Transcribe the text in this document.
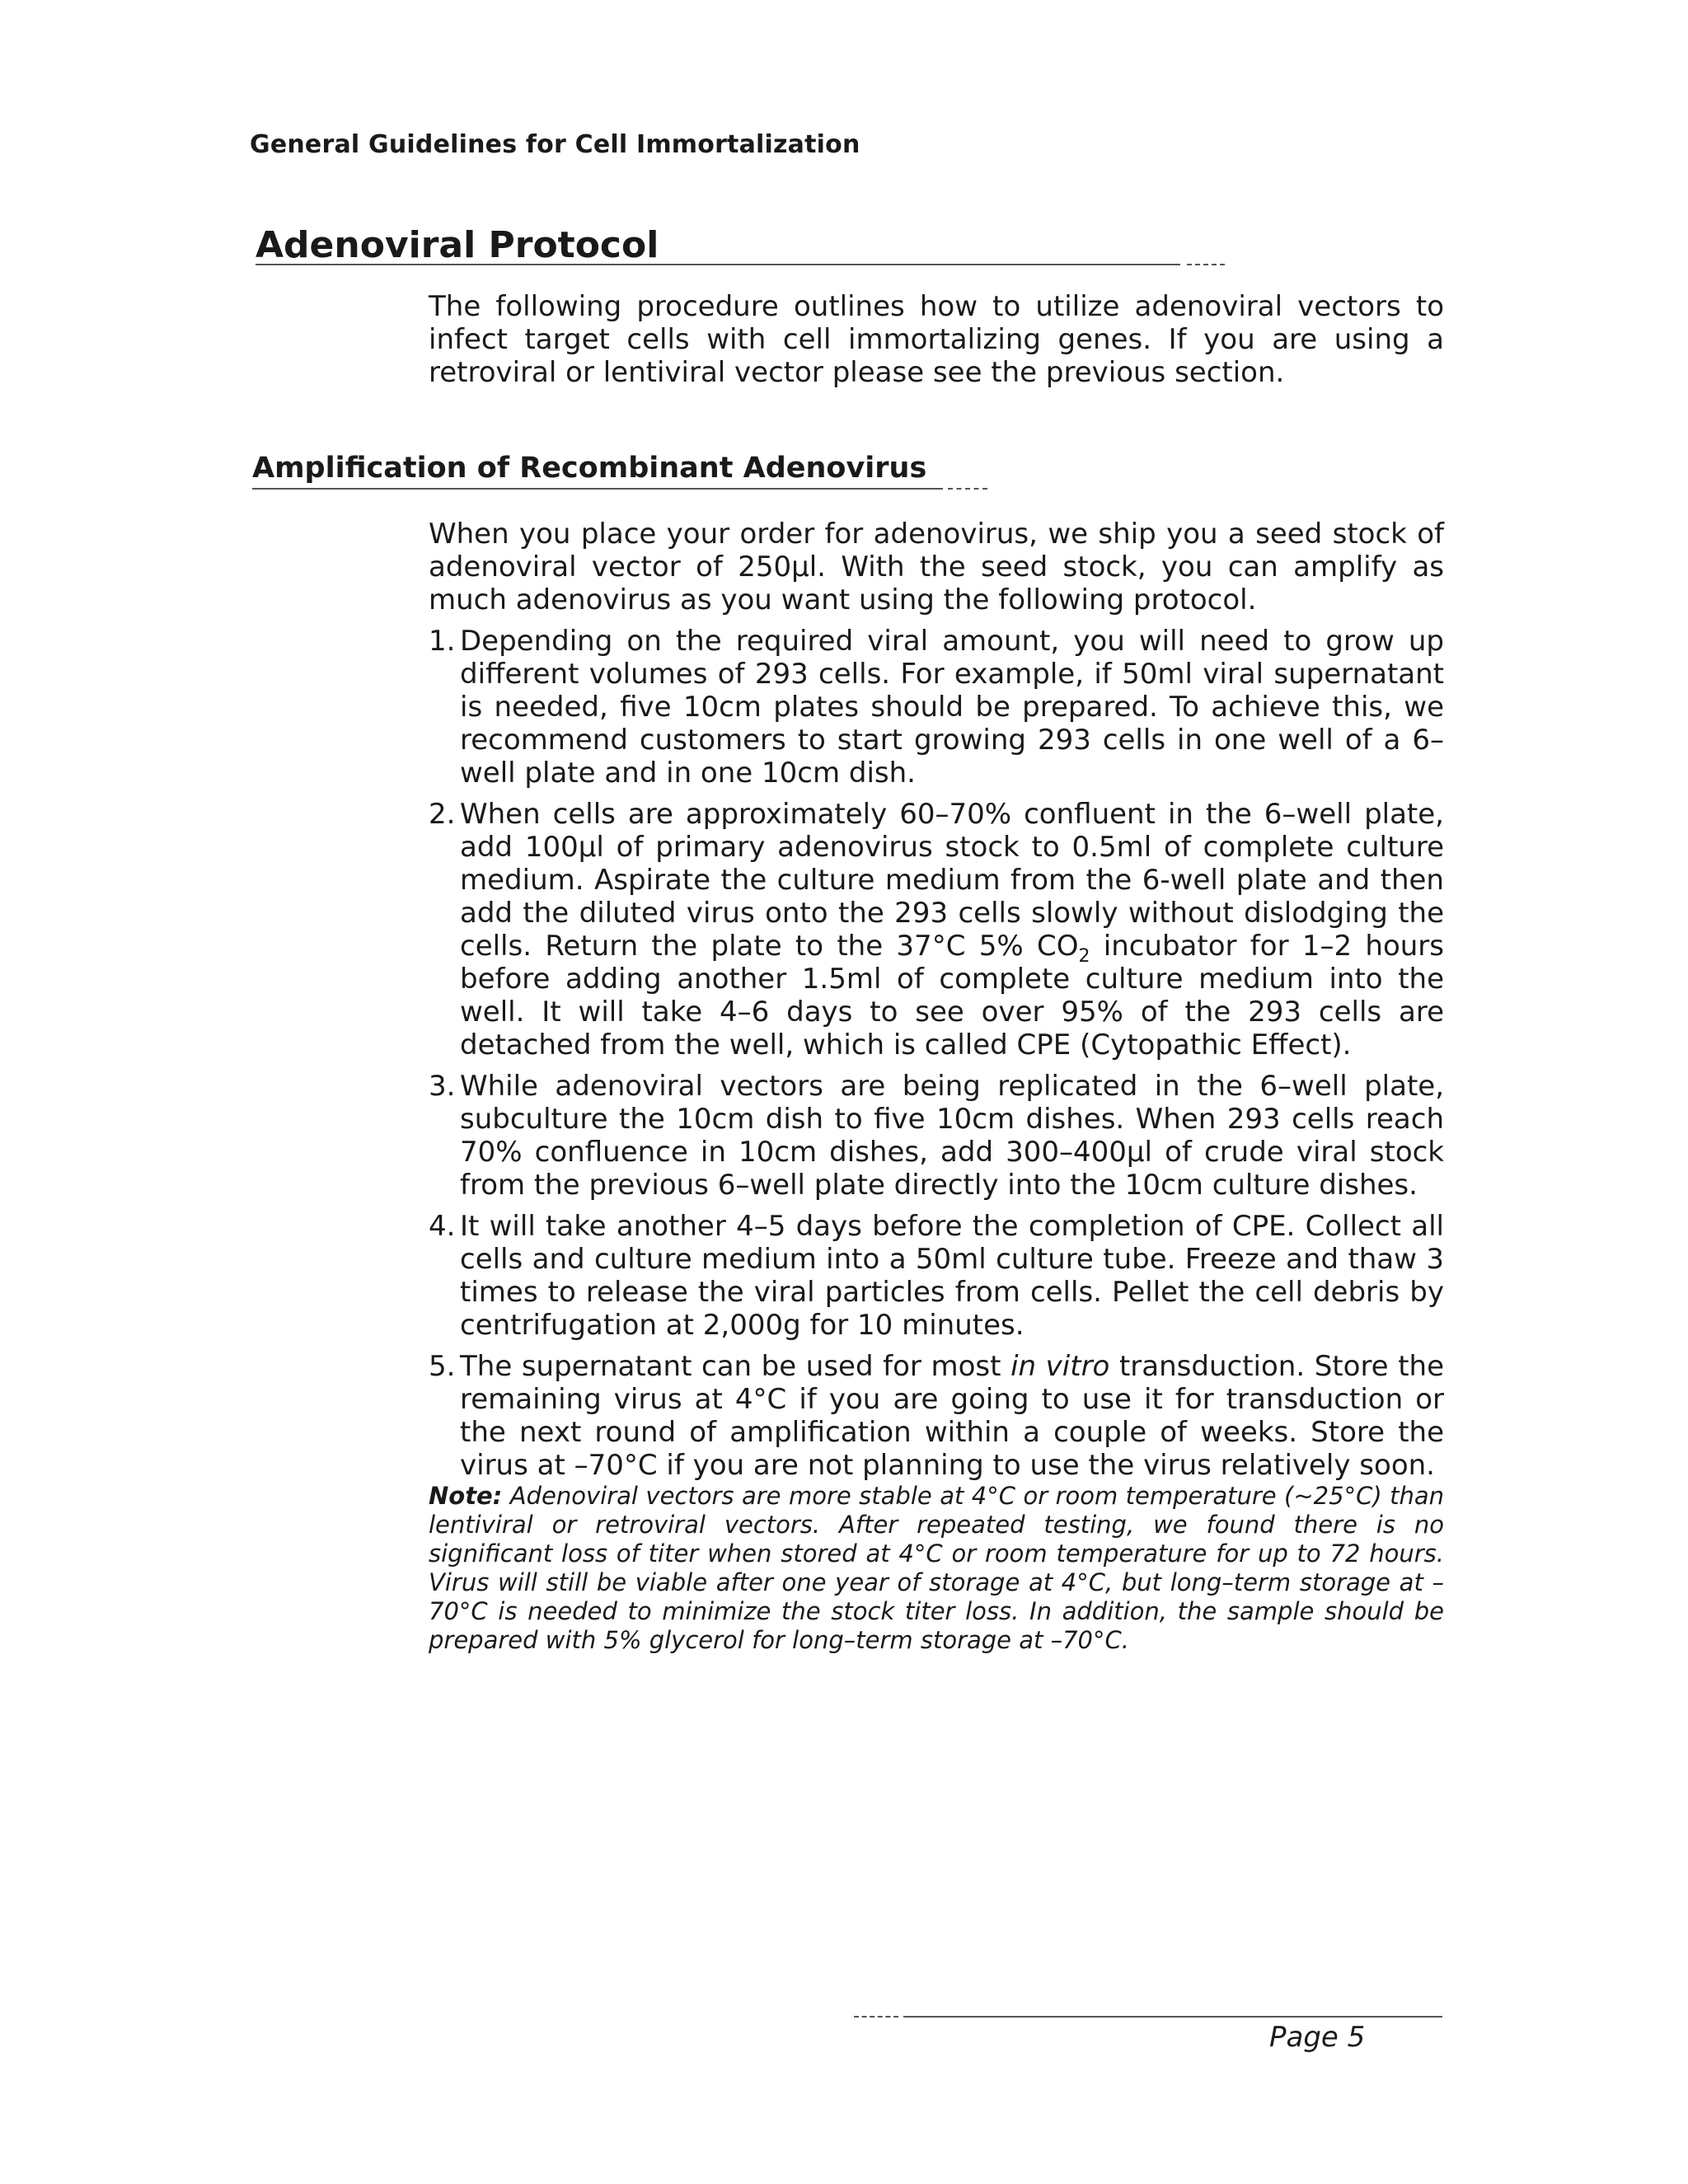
General Guidelines for Cell Immortalization
Adenoviral Protocol

The following procedure outlines how to utilize adenoviral vectors to infect target cells with cell immortalizing genes. If you are using a retroviral or lentiviral vector please see the previous section.

Amplification of Recombinant Adenovirus

When you place your order for adenovirus, we ship you a seed stock of adenoviral vector of 250µl. With the seed stock, you can amplify as much adenovirus as you want using the following protocol.

1. Depending on the required viral amount, you will need to grow up different volumes of 293 cells. For example, if 50ml viral supernatant is needed, five 10cm plates should be prepared. To achieve this, we recommend customers to start growing 293 cells in one well of a 6–well plate and in one 10cm dish.
2. When cells are approximately 60–70% confluent in the 6–well plate, add 100µl of primary adenovirus stock to 0.5ml of complete culture medium. Aspirate the culture medium from the 6-well plate and then add the diluted virus onto the 293 cells slowly without dislodging the cells. Return the plate to the 37°C 5% $CO_2$ incubator for 1–2 hours before adding another 1.5ml of complete culture medium into the well. It will take 4–6 days to see over 95% of the 293 cells are detached from the well, which is called CPE (Cytopathic Effect).
3. While adenoviral vectors are being replicated in the 6–well plate, subculture the 10cm dish to five 10cm dishes. When 293 cells reach 70% confluence in 10cm dishes, add 300–400µl of crude viral stock from the previous 6–well plate directly into the 10cm culture dishes.
4. It will take another 4–5 days before the completion of CPE. Collect all cells and culture medium into a 50ml culture tube. Freeze and thaw 3 times to release the viral particles from cells. Pellet the cell debris by centrifugation at 2,000g for 10 minutes.
5. The supernatant can be used for most in vitro transduction. Store the remaining virus at 4°C if you are going to use it for transduction or the next round of amplification within a couple of weeks. Store the virus at –70°C if you are not planning to use the virus relatively soon.

Note: Adenoviral vectors are more stable at 4°C or room temperature (~25°C) than lentiviral or retroviral vectors. After repeated testing, we found there is no significant loss of titer when stored at 4°C or room temperature for up to 72 hours. Virus will still be viable after one year of storage at 4°C, but long–term storage at –70°C is needed to minimize the stock titer loss. In addition, the sample should be prepared with 5% glycerol for long–term storage at –70°C.

Page 5
